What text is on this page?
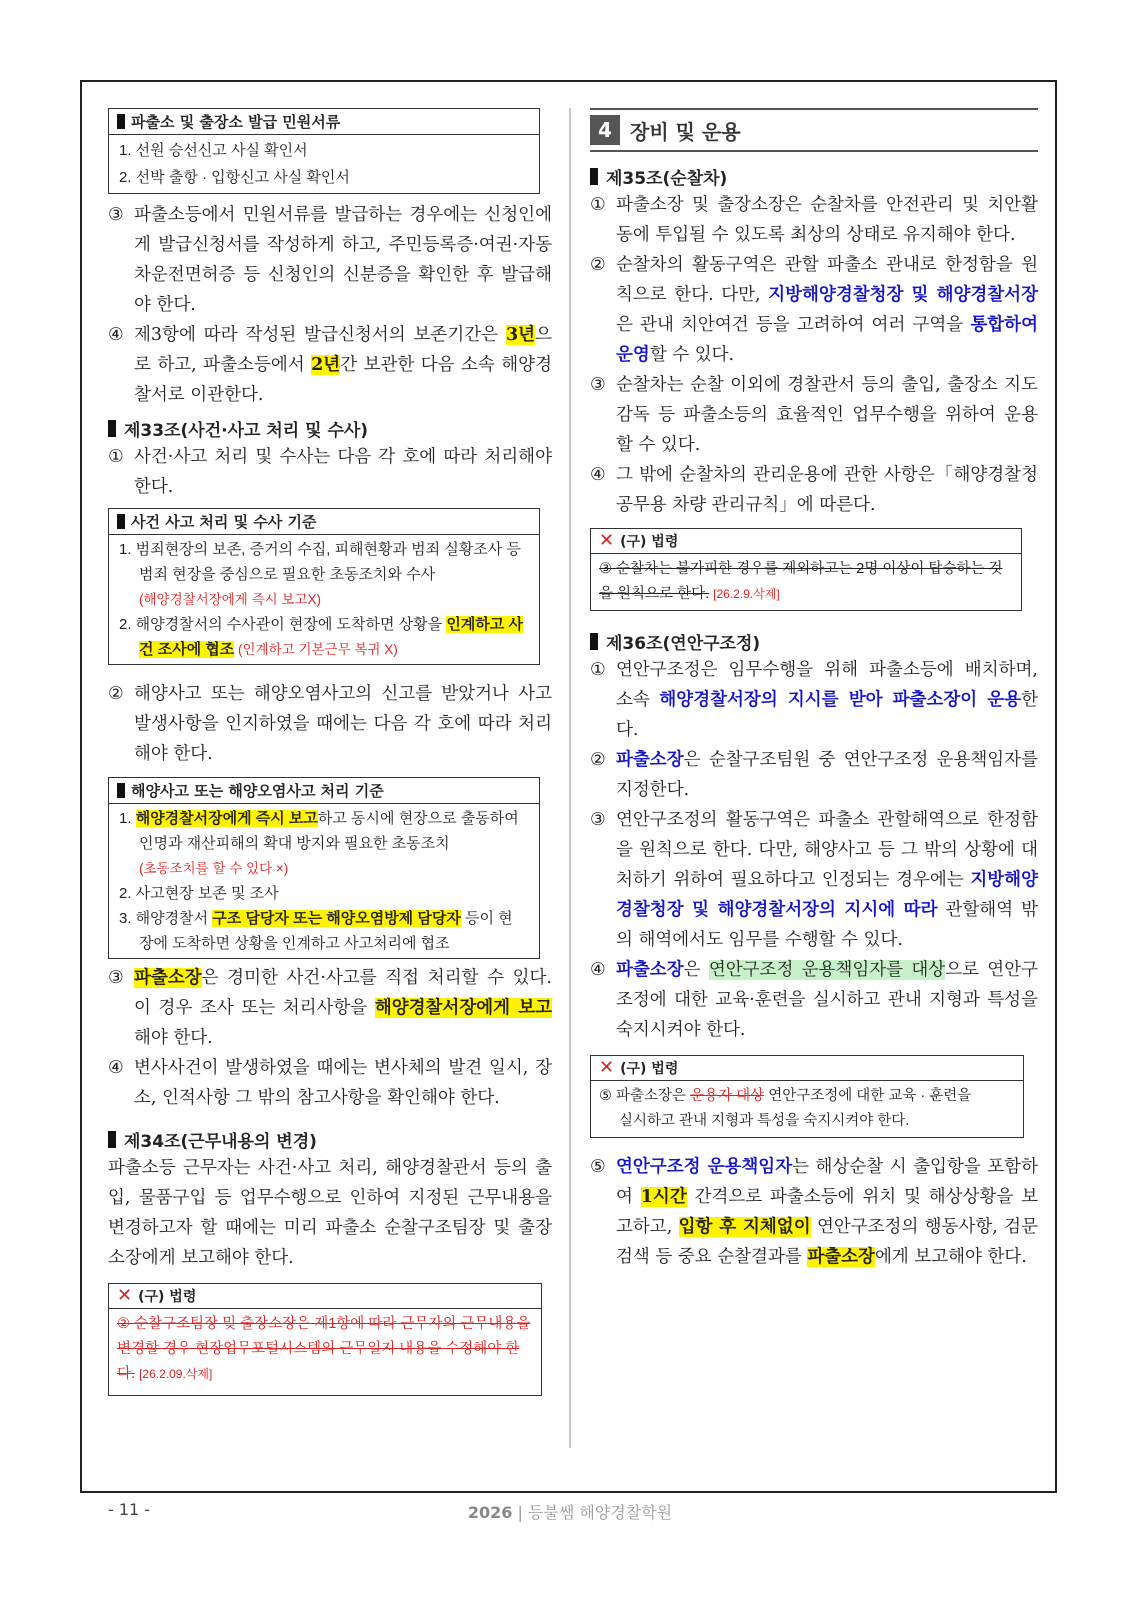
파출소 및 출장소 발급 민원서류
1. 선원 승선신고 사실 확인서
2. 선박 출항 · 입항신고 사실 확인서
③ 파출소등에서 민원서류를 발급하는 경우에는 신청인에게 발급신청서를 작성하게 하고, 주민등록증·여권·자동차운전면허증 등 신청인의 신분증을 확인한 후 발급해야 한다.
④ 제3항에 따라 작성된 발급신청서의 보존기간은 3년으로 하고, 파출소등에서 2년간 보관한 다음 소속 해양경찰서로 이관한다.
제33조(사건·사고 처리 및 수사)
① 사건·사고 처리 및 수사는 다음 각 호에 따라 처리해야 한다.
사건 사고 처리 및 수사 기준
1. 범죄현장의 보존, 증거의 수집, 피해현황과 범죄 실황조사 등
범죄 현장을 중심으로 필요한 초동조치와 수사
(해양경찰서장에게 즉시 보고X)
2. 해양경찰서의 수사관이 현장에 도착하면 상황을 인계하고 사
건 조사에 협조 (인계하고 기본근무 복귀 X)
② 해양사고 또는 해양오염사고의 신고를 받았거나 사고 발생사항을 인지하였을 때에는 다음 각 호에 따라 처리해야 한다.
해양사고 또는 해양오염사고 처리 기준
1. 해양경찰서장에게 즉시 보고하고 동시에 현장으로 출동하여
인명과 재산피해의 확대 방지와 필요한 초동조치
(초동조치를 할 수 있다 ×)
2. 사고현장 보존 및 조사
3. 해양경찰서 구조 담당자 또는 해양오염방제 담당자 등이 현
장에 도착하면 상황을 인계하고 사고처리에 협조
③ 파출소장은 경미한 사건·사고를 직접 처리할 수 있다. 이 경우 조사 또는 처리사항을 해양경찰서장에게 보고해야 한다.
④ 변사사건이 발생하였을 때에는 변사체의 발견 일시, 장소, 인적사항 그 밖의 참고사항을 확인해야 한다.
제34조(근무내용의 변경)
파출소등 근무자는 사건·사고 처리, 해양경찰관서 등의 출입, 물품구입 등 업무수행으로 인하여 지정된 근무내용을 변경하고자 할 때에는 미리 파출소 순찰구조팀장 및 출장소장에게 보고해야 한다.
✕ (구) 법령
② 순찰구조팀장 및 출장소장은 제1항에 따라 근무자의 근무내용을 변경할 경우 현장업무포털시스템의 근무일지 내용을 수정해야 한다. [26.2.09.삭제]
4 장비 및 운용
제35조(순찰차)
① 파출소장 및 출장소장은 순찰차를 안전관리 및 치안활동에 투입될 수 있도록 최상의 상태로 유지해야 한다.
② 순찰차의 활동구역은 관할 파출소 관내로 한정함을 원칙으로 한다. 다만, 지방해양경찰청장 및 해양경찰서장은 관내 치안여건 등을 고려하여 여러 구역을 통합하여 운영할 수 있다.
③ 순찰차는 순찰 이외에 경찰관서 등의 출입, 출장소 지도감독 등 파출소등의 효율적인 업무수행을 위하여 운용할 수 있다.
④ 그 밖에 순찰차의 관리운용에 관한 사항은「해양경찰청 공무용 차량 관리규칙」에 따른다.
✕ (구) 법령
③ 순찰차는 불가피한 경우를 제외하고는 2명 이상이 탑승하는 것을 원칙으로 한다. [26.2.9.삭제]
제36조(연안구조정)
① 연안구조정은 임무수행을 위해 파출소등에 배치하며, 소속 해양경찰서장의 지시를 받아 파출소장이 운용한다.
② 파출소장은 순찰구조팀원 중 연안구조정 운용책임자를 지정한다.
③ 연안구조정의 활동구역은 파출소 관할해역으로 한정함을 원칙으로 한다. 다만, 해양사고 등 그 밖의 상황에 대처하기 위하여 필요하다고 인정되는 경우에는 지방해양경찰청장 및 해양경찰서장의 지시에 따라 관할해역 밖의 해역에서도 임무를 수행할 수 있다.
④ 파출소장은 연안구조정 운용책임자를 대상으로 연안구조정에 대한 교육·훈련을 실시하고 관내 지형과 특성을 숙지시켜야 한다.
✕ (구) 법령
⑤ 파출소장은 운용자 대상 연안구조정에 대한 교육 · 훈련을
실시하고 관내 지형과 특성을 숙지시켜야 한다.
⑤ 연안구조정 운용책임자는 해상순찰 시 출입항을 포함하여 1시간 간격으로 파출소등에 위치 및 해상상황을 보고하고, 입항 후 지체없이 연안구조정의 행동사항, 검문검색 등 중요 순찰결과를 파출소장에게 보고해야 한다.
- 11 -	2026 | 등불쌤 해양경찰학원
